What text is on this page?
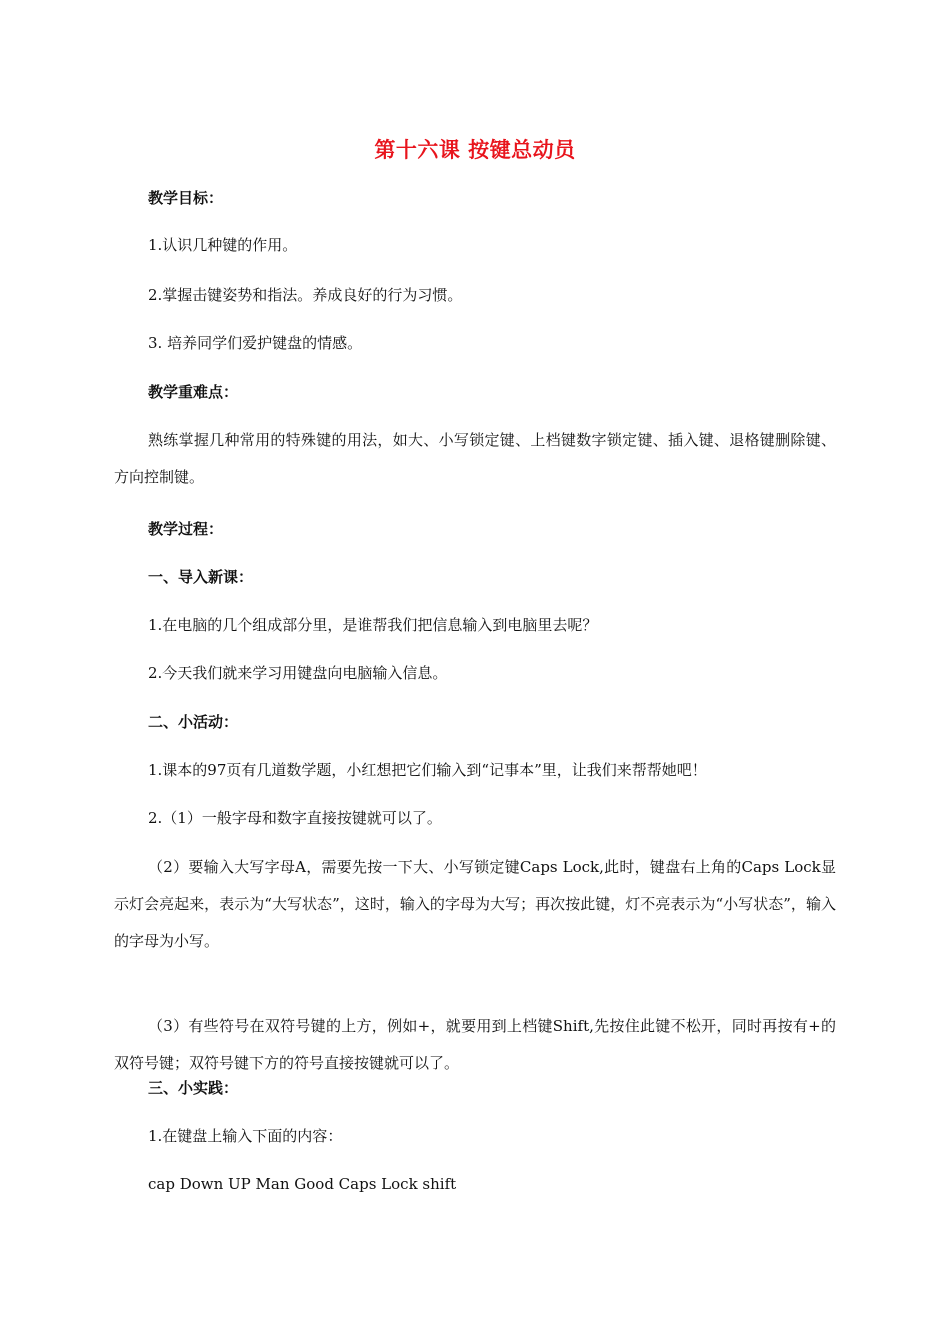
第十六课 按键总动员
教学目标：
1.认识几种键的作用。
2.掌握击键姿势和指法。养成良好的行为习惯。
3. 培养同学们爱护键盘的情感。
教学重难点：
熟练掌握几种常用的特殊键的用法，如大、小写锁定键、上档键数字锁定键、插入键、退格键删除键、方向控制键。
教学过程：
一、导入新课：
1.在电脑的几个组成部分里，是谁帮我们把信息输入到电脑里去呢？
2.今天我们就来学习用键盘向电脑输入信息。
二、小活动：
1.课本的97页有几道数学题，小红想把它们输入到“记事本”里，让我们来帮帮她吧！
2.（1）一般字母和数字直接按键就可以了。
（2）要输入大写字母A，需要先按一下大、小写锁定键Caps Lock,此时，键盘右上角的Caps Lock显示灯会亮起来，表示为“大写状态”，这时，输入的字母为大写；再次按此键，灯不亮表示为“小写状态”，输入的字母为小写。
（3）有些符号在双符号键的上方，例如+，就要用到上档键Shift,先按住此键不松开，同时再按有+的双符号键；双符号键下方的符号直接按键就可以了。
三、小实践：
1.在键盘上输入下面的内容：
cap Down UP Man Good Caps Lock shift
